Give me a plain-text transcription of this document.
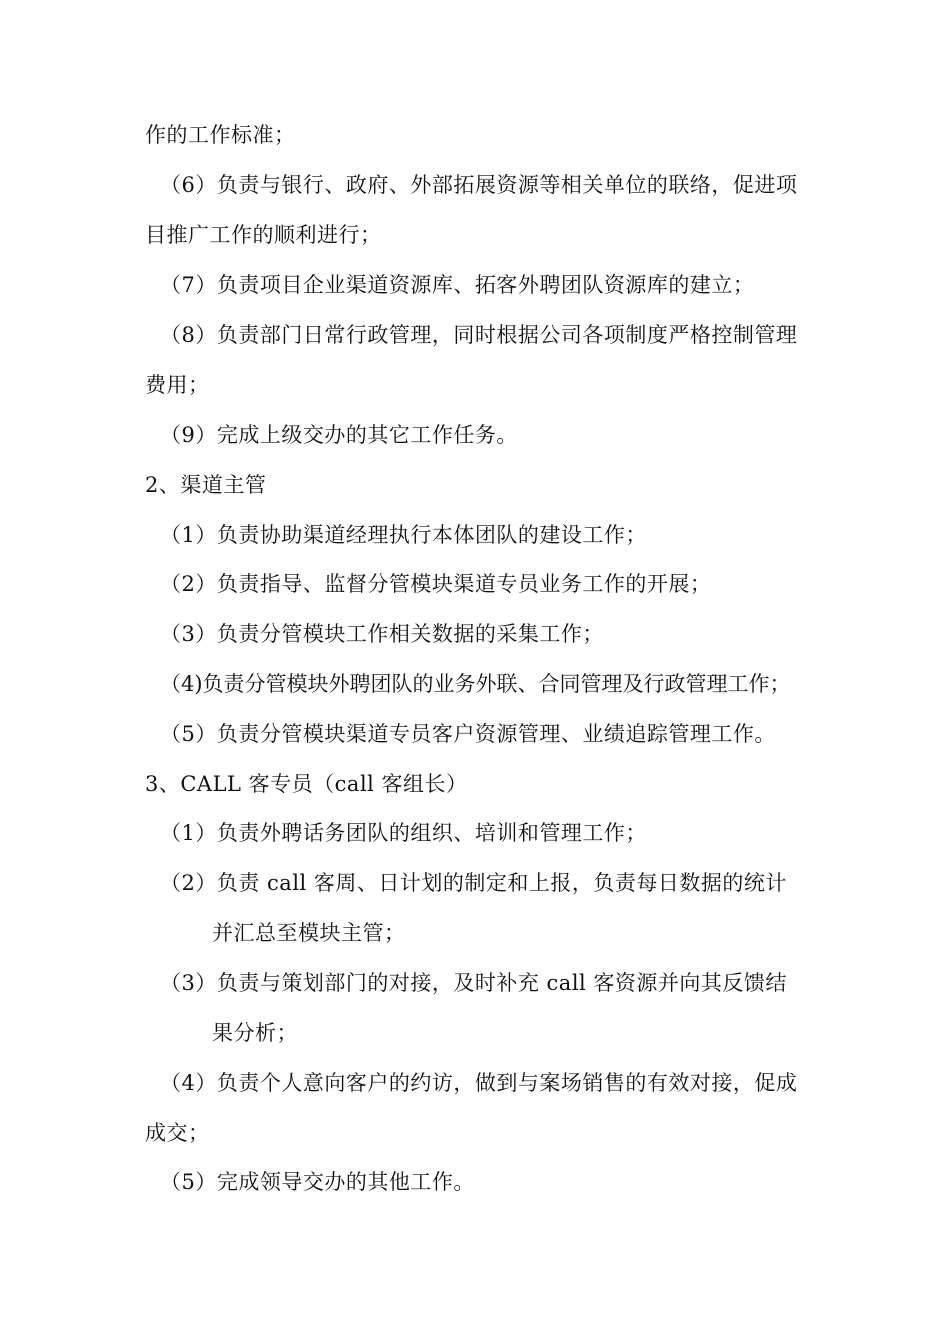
作的工作标准；
（6）负责与银行、政府、外部拓展资源等相关单位的联络，促进项
目推广工作的顺利进行；
（7）负责项目企业渠道资源库、拓客外聘团队资源库的建立；
（8）负责部门日常行政管理，同时根据公司各项制度严格控制管理
费用；
（9）完成上级交办的其它工作任务。
2、渠道主管
（1）负责协助渠道经理执行本体团队的建设工作；
（2）负责指导、监督分管模块渠道专员业务工作的开展；
（3）负责分管模块工作相关数据的采集工作；
（4)负责分管模块外聘团队的业务外联、合同管理及行政管理工作；
（5）负责分管模块渠道专员客户资源管理、业绩追踪管理工作。
3、CALL 客专员（call 客组长）
（1）负责外聘话务团队的组织、培训和管理工作；
（2）负责 call 客周、日计划的制定和上报，负责每日数据的统计
并汇总至模块主管；
（3）负责与策划部门的对接，及时补充 call 客资源并向其反馈结
果分析；
（4）负责个人意向客户的约访，做到与案场销售的有效对接，促成
成交；
（5）完成领导交办的其他工作。
